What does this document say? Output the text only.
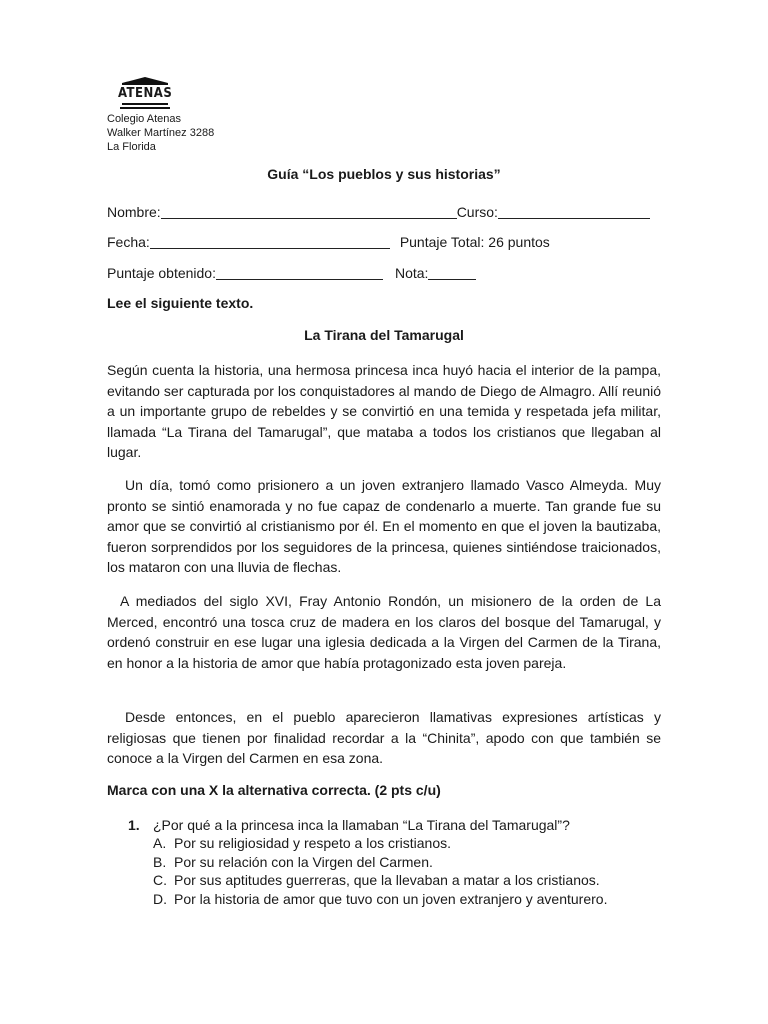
ATENAS
Colegio Atenas
Walker Martínez 3288
La Florida
Guía “Los pueblos y sus historias”
Nombre:	Curso:
Fecha:	Puntaje Total: 26 puntos
Puntaje obtenido:	Nota:
Lee el siguiente texto.
La Tirana del Tamarugal

Según cuenta la historia, una hermosa princesa inca huyó hacia el interior de la pampa, evitando ser capturada por los conquistadores al mando de Diego de Almagro. Allí reunió a un importante grupo de rebeldes y se convirtió en una temida y respetada jefa militar, llamada “La Tirana del Tamarugal”, que mataba a todos los cristianos que llegaban al lugar.

Un día, tomó como prisionero a un joven extranjero llamado Vasco Almeyda. Muy pronto se sintió enamorada y no fue capaz de condenarlo a muerte. Tan grande fue su amor que se convirtió al cristianismo por él. En el momento en que el joven la bautizaba, fueron sorprendidos por los seguidores de la princesa, quienes sintiéndose traicionados, los mataron con una lluvia de flechas.

A mediados del siglo XVI, Fray Antonio Rondón, un misionero de la orden de La Merced, encontró una tosca cruz de madera en los claros del bosque del Tamarugal, y ordenó construir en ese lugar una iglesia dedicada a la Virgen del Carmen de la Tirana, en honor a la historia de amor que había protagonizado esta joven pareja.

Desde entonces, en el pueblo aparecieron llamativas expresiones artísticas y religiosas que tienen por finalidad recordar a la “Chinita”, apodo con que también se conoce a la Virgen del Carmen en esa zona.

Marca con una X la alternativa correcta. (2 pts c/u)
1. ¿Por qué a la princesa inca la llamaban “La Tirana del Tamarugal”?
A. Por su religiosidad y respeto a los cristianos.
B. Por su relación con la Virgen del Carmen.
C. Por sus aptitudes guerreras, que la llevaban a matar a los cristianos.
D. Por la historia de amor que tuvo con un joven extranjero y aventurero.
